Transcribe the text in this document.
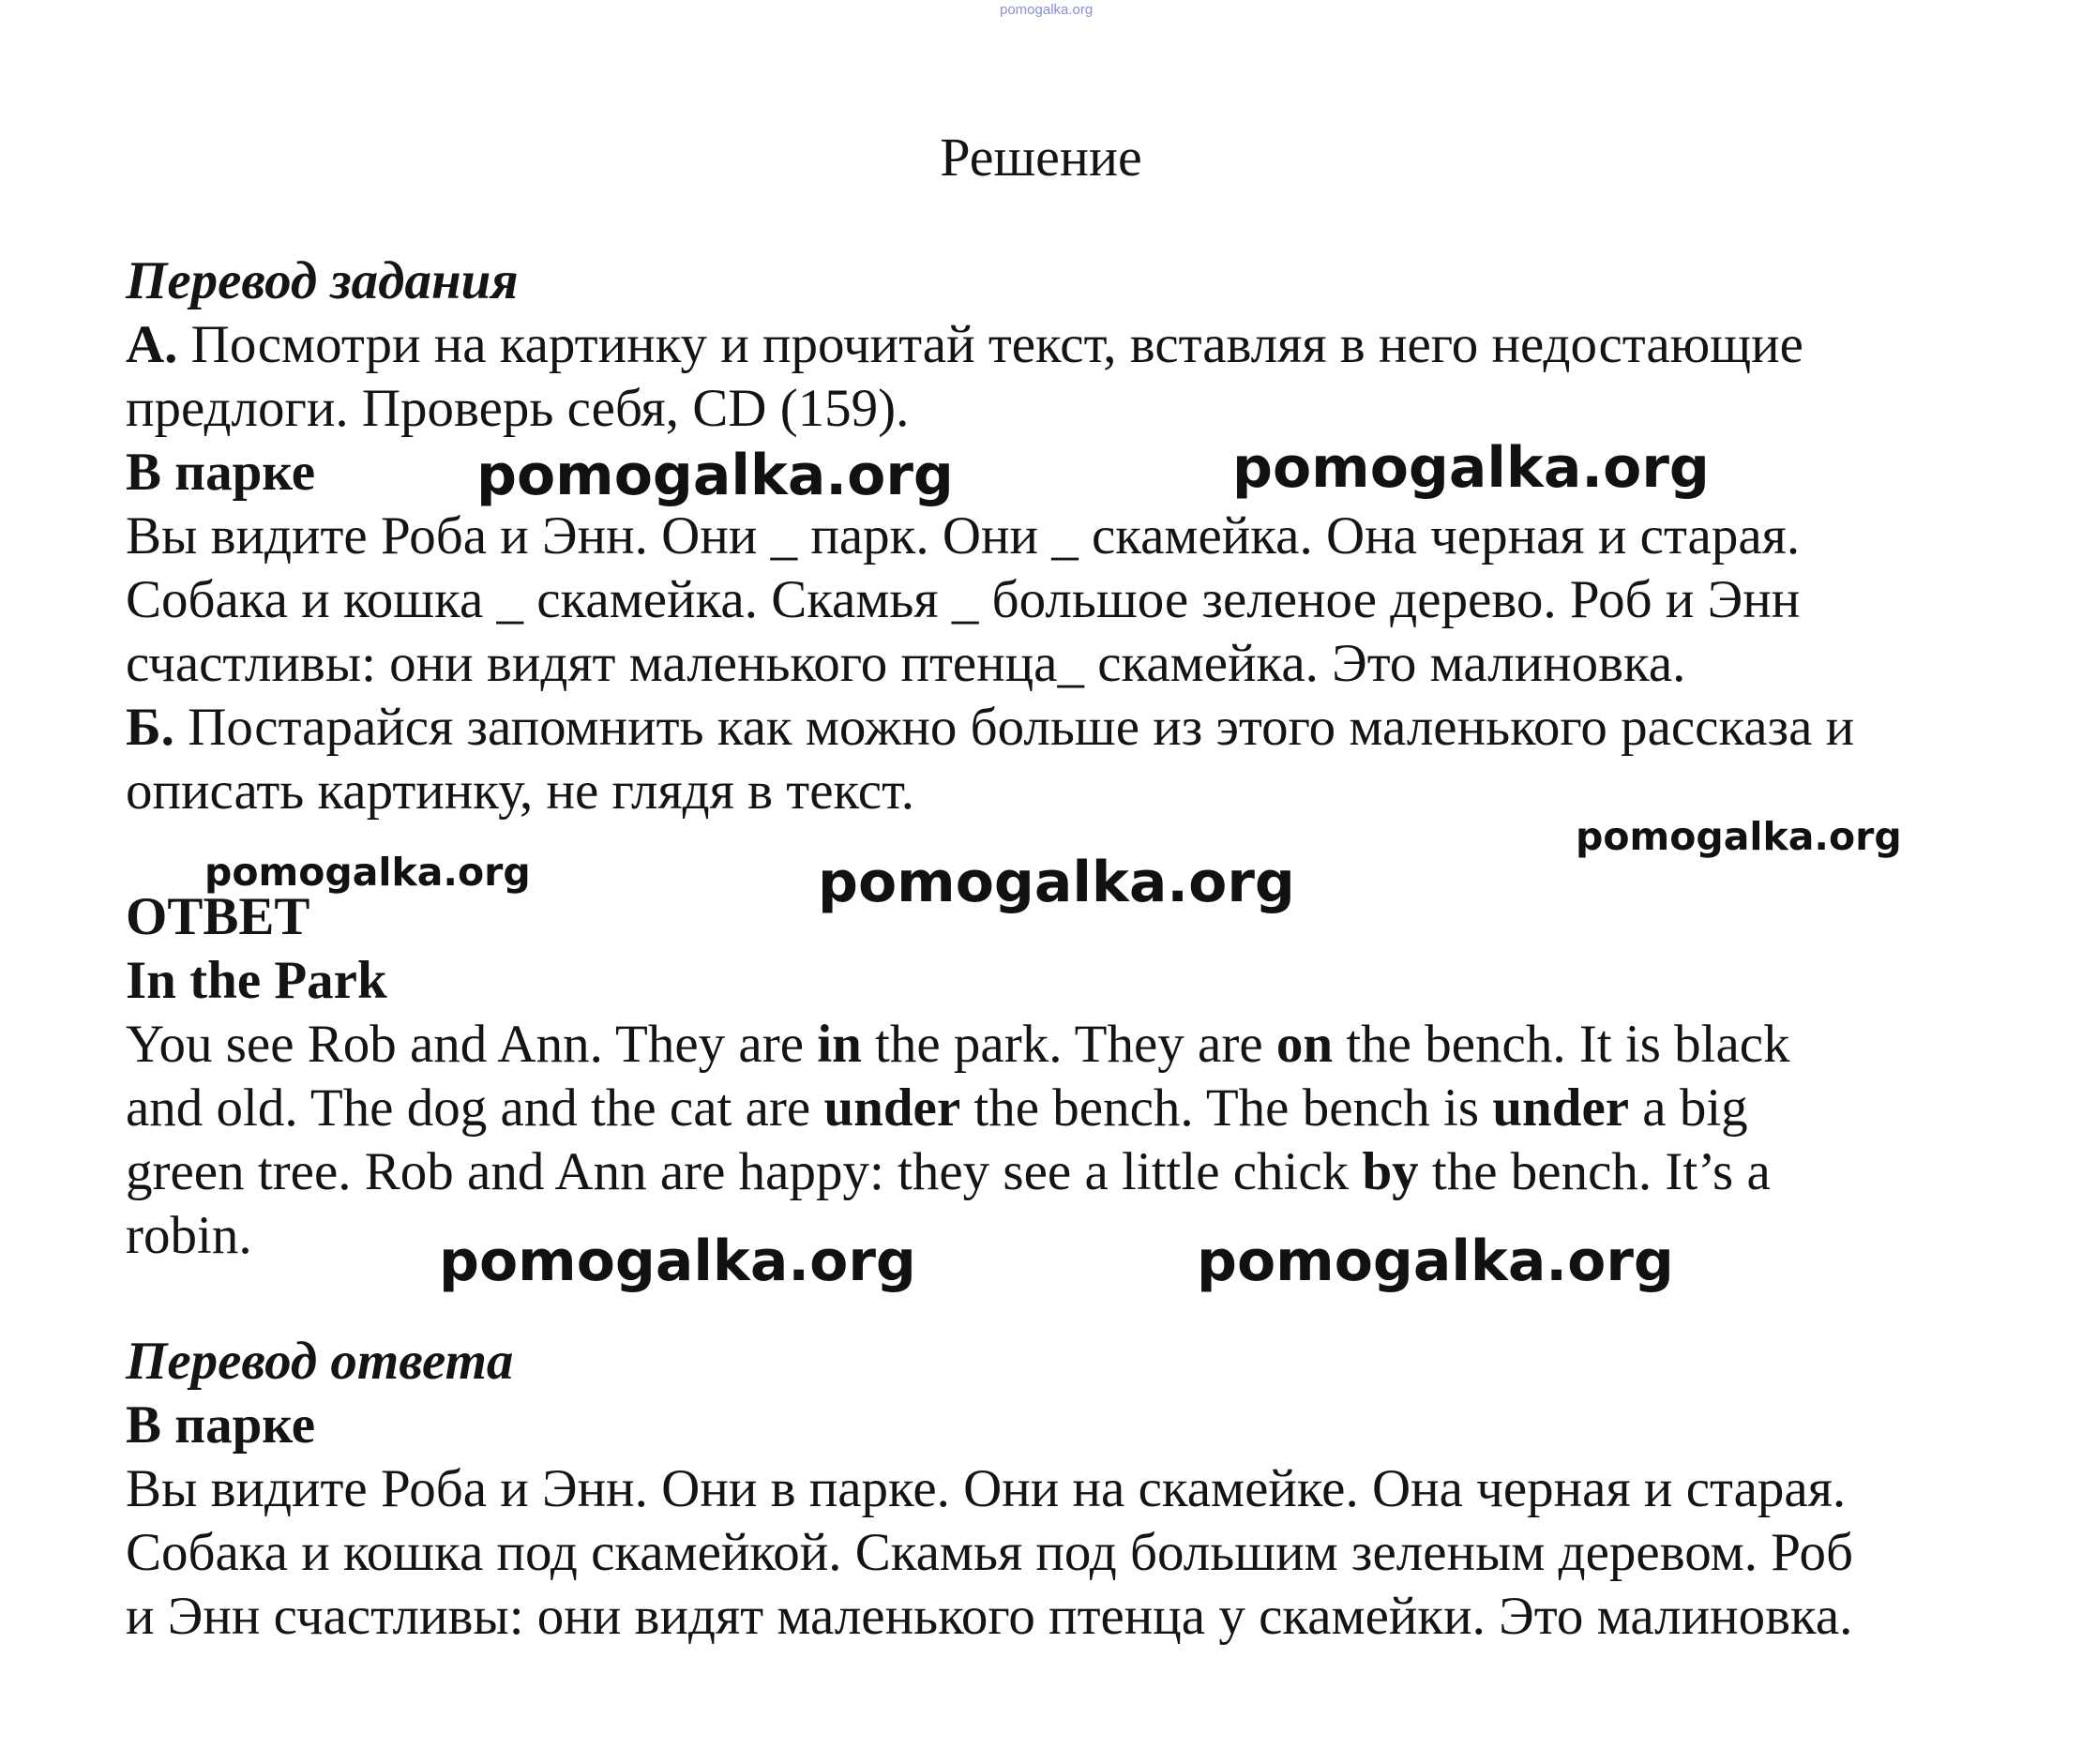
pomogalka.org
Решение
Перевод задания
А. Посмотри на картинку и прочитай текст, вставляя в него недостающие
предлоги. Проверь себя, CD (159).
В парке
Вы видите Роба и Энн. Они _ парк. Они _ скамейка. Она черная и старая.
Собака и кошка _ скамейка. Скамья _ большое зеленое дерево. Роб и Энн
счастливы: они видят маленького птенца_ скамейка. Это малиновка.
Б. Постарайся запомнить как можно больше из этого маленького рассказа и
описать картинку, не глядя в текст.
ОТВЕТ
In the Park
You see Rob and Ann. They are in the park. They are on the bench. It is black
and old. The dog and the cat are under the bench. The bench is under a big
green tree. Rob and Ann are happy: they see a little chick by the bench. It’s a
robin.
Перевод ответа
В парке
Вы видите Роба и Энн. Они в парке. Они на скамейке. Она черная и старая.
Собака и кошка под скамейкой. Скамья под большим зеленым деревом. Роб
и Энн счастливы: они видят маленького птенца у скамейки. Это малиновка.
pomogalka.org	pomogalka.org
pomogalka.org
pomogalka.org
pomogalka.org
pomogalka.org	pomogalka.org
